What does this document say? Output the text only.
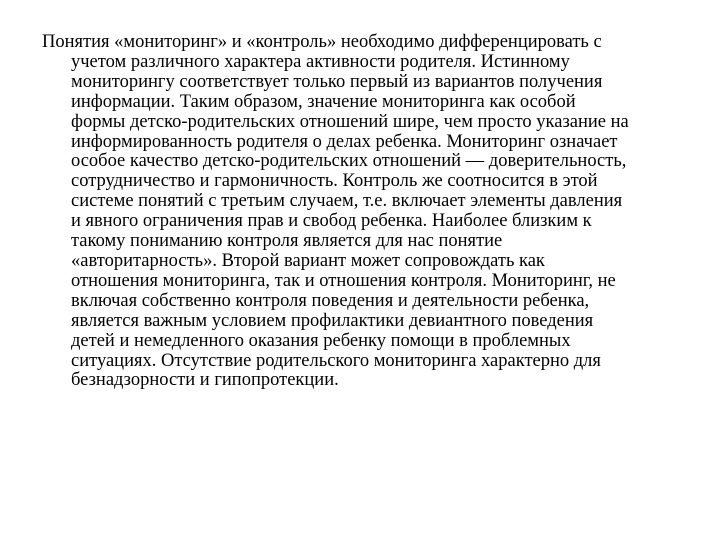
Понятия «мониторинг» и «контроль» необходимо дифференцировать с
учетом различного характера активности родителя. Истинному
мониторингу соответствует только первый из вариантов получения
информации. Таким образом, значение мониторинга как особой
формы детско-родительских отношений шире, чем просто указание на
информированность родителя о делах ребенка. Мониторинг означает
особое качество детско-родительских отношений — доверительность,
сотрудничество и гармоничность. Контроль же соотносится в этой
системе понятий с третьим случаем, т.е. включает элементы давления
и явного ограничения прав и свобод ребенка. Наиболее близким к
такому пониманию контроля является для нас понятие
«авторитарность». Второй вариант может сопровождать как
отношения мониторинга, так и отношения контроля. Мониторинг, не
включая собственно контроля поведения и деятельности ребенка,
является важным условием профилактики девиантного поведения
детей и немедленного оказания ребенку помощи в проблемных
ситуациях. Отсутствие родительского мониторинга характерно для
безнадзорности и гипопротекции.
